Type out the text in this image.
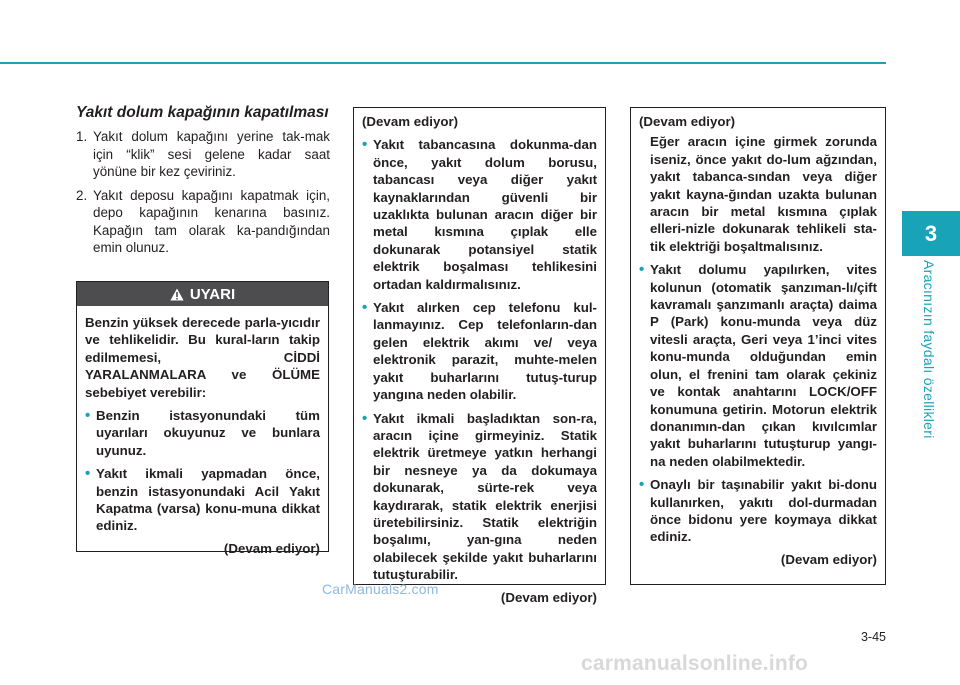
3
Aracınızın faydalı özellikleri
Yakıt dolum kapağının kapatılması
1. Yakıt dolum kapağını yerine tak-mak için “klik” sesi gelene kadar saat yönüne bir kez çeviriniz.
2. Yakıt deposu kapağını kapatmak için, depo kapağının kenarına basınız. Kapağın tam olarak ka-pandığından emin olunuz.
UYARI

Benzin yüksek derecede parla-yıcıdır ve tehlikelidir. Bu kural-ların takip edilmemesi, CİDDİ YARALANMALARA ve ÖLÜME sebebiyet verebilir:

• Benzin istasyonundaki tüm uyarıları okuyunuz ve bunlara uyunuz.
• Yakıt ikmali yapmadan önce, benzin istasyonundaki Acil Yakıt Kapatma (varsa) konu-muna dikkat ediniz.
(Devam ediyor)
(Devam ediyor)
• Yakıt tabancasına dokunma-dan önce, yakıt dolum borusu, tabancası veya diğer yakıt kaynaklarından güvenli bir uzaklıkta bulunan aracın diğer bir metal kısmına çıplak elle dokunarak potansiyel statik elektrik boşalması tehlikesini ortadan kaldırmalısınız.
• Yakıt alırken cep telefonu kul-lanmayınız. Cep telefonların-dan gelen elektrik akımı ve/ veya elektronik parazit, muhte-melen yakıt buharlarını tutuş-turup yangına neden olabilir.
• Yakıt ikmali başladıktan son-ra, aracın içine girmeyiniz. Statik elektrik üretmeye yatkın herhangi bir nesneye ya da dokumaya dokunarak, sürte-rek veya kaydırarak, statik elektrik enerjisi üretebilirsiniz. Statik elektriğin boşalımı, yan-gına neden olabilecek şekilde yakıt buharlarını tutuşturabilir.
(Devam ediyor)
(Devam ediyor)
Eğer aracın içine girmek zorunda iseniz, önce yakıt do-lum ağzından, yakıt tabanca-sından veya diğer yakıt kayna-ğından uzakta bulunan aracın bir metal kısmına çıplak elleri-nizle dokunarak tehlikeli sta-tik elektriği boşaltmalısınız.
• Yakıt dolumu yapılırken, vites kolunun (otomatik şanzıman-lı/çift kavramalı şanzımanlı araçta) daima P (Park) konu-munda veya düz vitesli araçta, Geri veya 1’inci vites konu-munda olduğundan emin olun, el frenini tam olarak çekiniz ve kontak anahtarını LOCK/OFF konumuna getirin. Motorun elektrik donanımın-dan çıkan kıvılcımlar yakıt buharlarını tutuşturup yangı-na neden olabilmektedir.
• Onaylı bir taşınabilir yakıt bi-donu kullanırken, yakıtı dol-durmadan önce bidonu yere koymaya dikkat ediniz.
(Devam ediyor)
3-45
CarManuals2.com
carmanualsonline.info
